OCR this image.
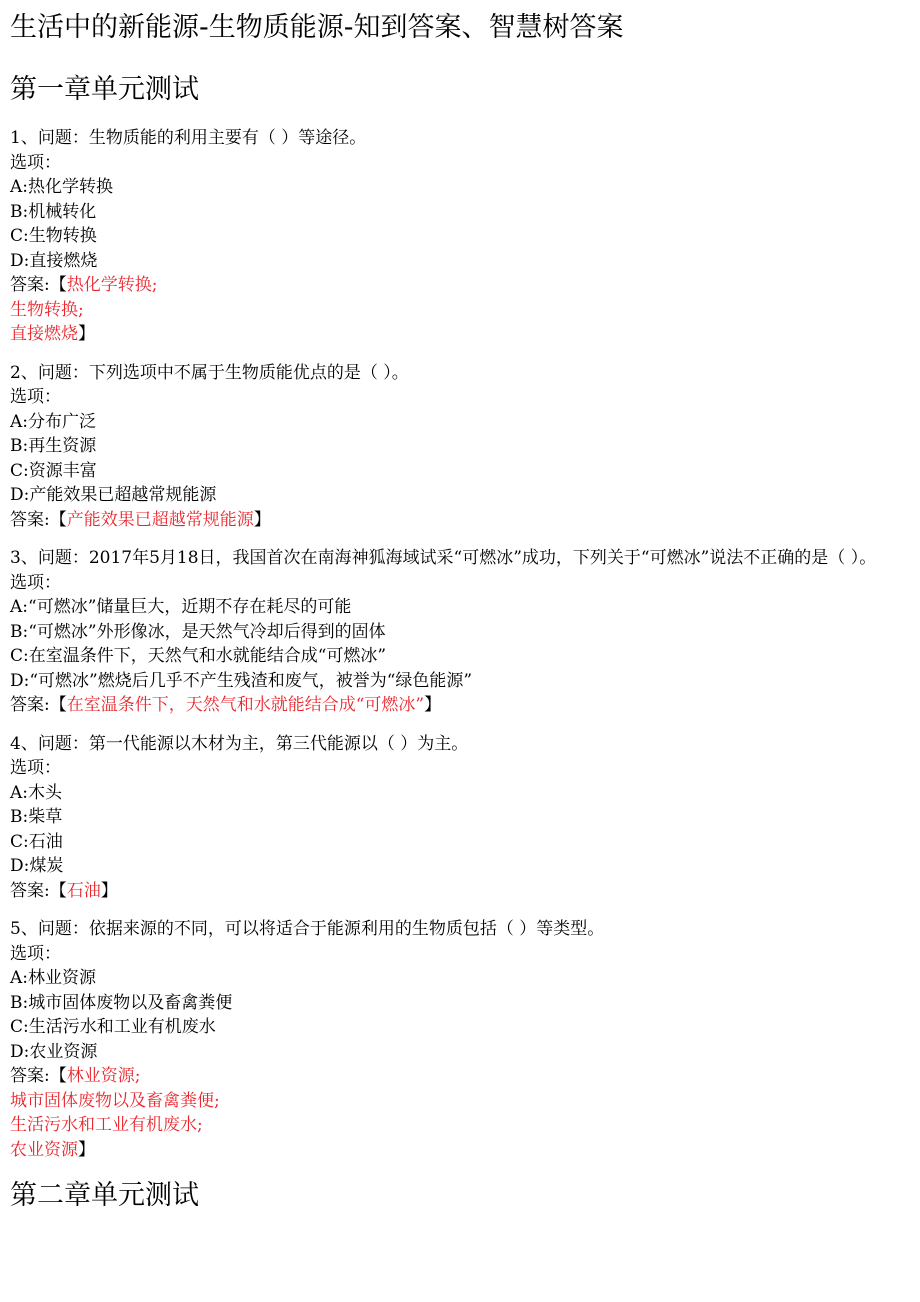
生活中的新能源-生物质能源-知到答案、智慧树答案
第一章单元测试
1、问题：生物质能的利用主要有（ ）等途径。
选项：
A:热化学转换
B:机械转化
C:生物转换
D:直接燃烧
答案:【热化学转换;
生物转换;
直接燃烧】
2、问题：下列选项中不属于生物质能优点的是（ ）。
选项：
A:分布广泛
B:再生资源
C:资源丰富
D:产能效果已超越常规能源
答案:【产能效果已超越常规能源】
3、问题：2017年5月18日，我国首次在南海神狐海域试采“可燃冰”成功，下列关于“可燃冰”说法不正确的是（ ）。
选项：
A:“可燃冰”储量巨大，近期不存在耗尽的可能
B:“可燃冰”外形像冰，是天然气冷却后得到的固体
C:在室温条件下，天然气和水就能结合成“可燃冰”
D:“可燃冰”燃烧后几乎不产生残渣和废气，被誉为“绿色能源”
答案:【在室温条件下，天然气和水就能结合成“可燃冰”】
4、问题：第一代能源以木材为主，第三代能源以（ ）为主。
选项：
A:木头
B:柴草
C:石油
D:煤炭
答案:【石油】
5、问题：依据来源的不同，可以将适合于能源利用的生物质包括（ ）等类型。
选项：
A:林业资源
B:城市固体废物以及畜禽粪便
C:生活污水和工业有机废水
D:农业资源
答案:【林业资源;
城市固体废物以及畜禽粪便;
生活污水和工业有机废水;
农业资源】
第二章单元测试
